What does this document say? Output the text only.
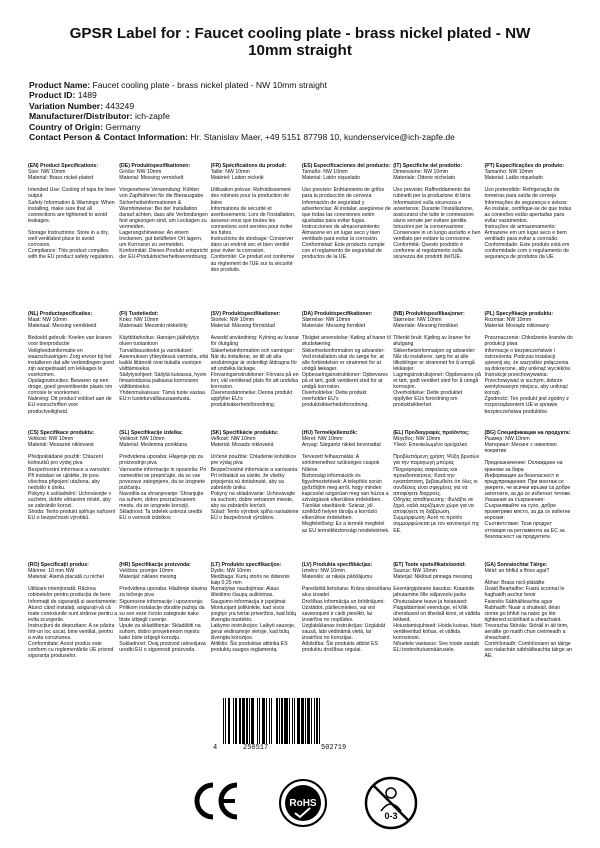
GPSR Label for : Faucet cooling plate - brass nickel plated - NW
10mm straight
Product Name: Faucet cooling plate - brass nickel plated - NW 10mm straight
Product ID: 1489
Variation Number: 443249
Manufacturer/Distributor: ich-zapfe
Country of Origin: Germany
Contact Person & Contact Information: Hr. Stanislav Maer, +49 5151 87798 10, kundenservice@ich-zapfe.de
(EN) Product Specifications:
Size: NW 10mm
Material: Brass nickel-plated

Intended Use: Cooling of taps for beer output
Safety Information & Warnings: When installing, make sure that all connections are tightened to avoid leakages.

Storage Instructions: Store in a dry, well ventilated place to avoid corrosion.
Compliance: This product complies with the EU product safety regulation.
(DE) Produktspezifikationen:
Größe: NW 10mm
Material: Messing vernickelt

Vorgesehene Verwendung: Kühlen von Zapfhähnen für die Bierausgabe
Sicherheitsinformationen & Warnhinweise: Bei der Installation darauf achten, dass alle Verbindungen fest angezogen sind, um Leckagen zu vermeiden.
Lagerungshinweise: An einem trockenen, gut belüfteten Ort lagern, um Korrosion zu vermeiden.
Konformität: Dieses Produkt entspricht der EU-Produktsicherheitsverordnung.
(FR) Spécifications du produit:
Taille: NW 10mm
Matériel: Laiton nickelé

Utilisation prévue: Refroidissement des robinets pour la production de bière
Informations de sécurité et avertissements: Lors de l'installation, assurez-vous que toutes les connexions sont serrées pour éviter les fuites.
Instructions de stockage: Conserver dans un endroit sec et bien ventilé pour éviter la corrosion.
Conformité: Ce produit est conforme au règlement de l'UE sur la sécurité des produits.
(ES) Especificaciones del producto:
Tamaño: NW 10mm
Material: Latón niquelado

Uso previsto: Enfriamiento de grifos para la producción de cerveza
Información de seguridad y advertencias: Al instalar, asegúrese de que todas las conexiones estén ajustadas para evitar fugas.
Instrucciones de almacenamiento: Almacene en un lugar seco y bien ventilado para evitar la corrosión.
Conformidad: Este producto cumple con el reglamento de seguridad de productos de la UE.
(IT) Specifiche del prodotto:
Dimensione: NW 10mm
Materiale: Ottone nichelato

Uso previsto: Raffreddamento dei rubinetti per la produzione di birra
Informazioni sulla sicurezza e avvertenze: Durante l'installazione, assicurarsi che tutte le connessioni siano serrate per evitare perdite.
Istruzioni per la conservazione: Conservare in un luogo asciutto e ben ventilato per evitare la corrosione.
Conformità: Questo prodotto è conforme al regolamento sulla sicurezza dei prodotti dell'UE.
(PT) Especificações do produto:
Tamanho: NW 10mm
Material: Latão niquelado

Uso pretendido: Refrigeração de torneiras para saída de cerveja
Informações de segurança e avisos: Ao instalar, certifique-se de que todas as conexões estão apertadas para evitar vazamentos.
Instruções de armazenamento: Armazene em um lugar seco e bem ventilado para evitar a corrosão.
Conformidade: Este produto está em conformidade com o regulamento de segurança de produtos da UE.
(NL) Productspecificaties:
Maat: NW 10mm
Materiaal: Messing vernikkeld

Bedoeld gebruik: Koelen van kranen voor bierproductie
Veiligheidsinformatie en waarschuwingen: Zorg ervoor bij het installeren dat alle verbindingen goed zijn aangedraaid om lekkages te voorkomen.
Opslaginstructies: Bewaren op een droge, goed geventileerde plaats om corrosie te voorkomen.
Naleving: Dit product voldoet aan de EU-voorschriften voor productveiligheid.
(FI) Tuotetiedot:
Koko: NW 10mm
Materiaali: Messinki nikkelöity

Käyttötarkoitus: Hanojen jäähdytys oluen tuotantoon
Turvallisuustiedot ja varoitukset: Asennuksen yhteydessä varmista, että kaikki liitännät ovat tiukalla vuotojen välttämiseksi.
Säilytysohjeet: Säilytä kuivassa, hyvin ilmastoidussa paikassa korroosion välttämiseksi.
Yhdenmukaisuus: Tämä tuote vastaa EU:n tuoteturvallisuusasetusta.
(SV) Produktspecifikationer:
Storlek: NW 10mm
Material: Mässing förnicklad

Avsedd användning: Kylning av kranar för ölutgång
Säkerhetsinformation och varningar: När du installerar, se till att alla anslutningar är ordentligt åtdragna för att undvika läckage.
Förvaringsinstruktioner: Förvara på en torr, väl ventilerad plats för att undvika korrosion.
Överensstämmelse: Denna produkt uppfyller EU:s produktsäkerhetsförordning.
(DA) Produktspecifikationer:
Størrelse: NW 10mm
Materiale: Messing forniklet

Tilsigtet anvendelse: Køling af haner til øludskæring
Sikkerhedsinformation og advarsler: Ved installation skal du sørge for, at alle forbindelser er strammet for at undgå lækager.
Opbevaringsinstruktioner: Opbevares på et tørt, godt ventileret sted for at undgå korrosion.
Overholdelse: Dette produkt overholder EU's produktsikkerhedsforordning.
(NB) Produktspesifikasjoner:
Størrelse: NW 10mm
Materiale: Messing fornikket

Tiltenkt bruk: Kjøling av kraner for ølutgang
Sikkerhetsinformasjon og advarsler: Når du installerer, sørg for at alle tilkoblinger er strammet for å unngå lekkasjer.
Lagringsinstruksjoner: Oppbevares på et tørt, godt ventilert sted for å unngå korrosjon.
Overholdelse: Dette produktet oppfyller EUs forordning om produktsikkerhet.
(PL) Specyfikacje produktu:
Rozmiar: NW 10mm
Materiał: Mosiądz niklowany

Przeznaczenie: Chłodzenie kranów do produkcji piwa
Informacje o bezpieczeństwie i ostrzeżenia: Podczas instalacji upewnij się, że wszystkie połączenia są dokręcone, aby uniknąć wycieków.
Instrukcje przechowywania: Przechowywać w suchym, dobrze wentylowanym miejscu, aby uniknąć korozji.
Zgodność: Ten produkt jest zgodny z rozporządzeniem UE w sprawie bezpieczeństwa produktów.
(CS) Specifikace produktu:
Velikost: NW 10mm
Materiál: Mosazné niklované

Předpokládané použití: Chlazení kohoutků pro výdej piva
Bezpečnostní informace a varování: Při instalaci se ujistěte, že jsou všechna připojení utažena, aby nedošlo k úniku.
Pokyny k uskladnění: Uchovávejte v suchém, dobře větraném místě, aby se zabránilo korozi.
Shoda: Tento produkt splňuje nařízení EU o bezpečnosti výrobků.
(SL) Specifikacije izdelka:
Velikost: NW 10mm
Material: Medenina poniklana

Predvidena uporaba: Hlajenje pip za proizvodnjo piva
Varnostne informacije in opozorila: Pri namestitvi se prepričajte, da so vse povezave zategnjene, da se izognete puščanju.
Navodila za shranjevanje: Shranjujte na suhem, dobro prezračevanem mestu, da se izognete koroziji.
Skladnost: Ta izdelek ustreza uredbi EU o varnosti izdelkov.
(SK) Špecifikácie produktu:
Veľkosť: NW 10mm
Materiál: Mosadz niklovaná

Určené použitie: Chladenie kohútikov pre výdaj piva
Bezpečnostné informácie a varovania: Pri inštalácii sa uistite, že všetky pripojenia sú dotiahnuté, aby sa zabránilo úniku.
Pokyny na skladovanie: Uchovávajte na suchom, dobre vetranom mieste, aby sa zabránilo korózii.
Súlad: Tento výrobok spĺňa nariadenie EÚ o bezpečnosti výrobkov.
(HU) Termékjellemzők:
Méret: NW 10mm
Anyag: Sárgaréz nikkel bevonattal

Tervezett felhasználás: A sörkimenethez szükséges csapok hűtése
Biztonsági információk és figyelmeztetések: A telepítés során győződjön meg arról, hogy minden kapcsolat szigorúan meg van húzva a szivárgások elkerülése érdekében.
Tárolási utasítások: Száraz, jól szellőző helyen tárolja a korrózió elkerülése érdekében.
Megfelelőség: Ez a termék megfelel az EU termékbiztonsági rendeletének.
(EL) Προδιαγραφές προϊόντος:
Μέγεθος: NW 10mm
Υλικό: Επινικελωμένο ορείχαλκο

Προβλεπόμενη χρήση: Ψύξη βρυσών για την παραγωγή μπύρας
Πληροφορίες ασφαλείας και προειδοποιήσεις: Κατά την εγκατάσταση, βεβαιωθείτε ότι όλες οι συνδέσεις είναι σφιγμένες για να αποφύγετε διαρροές.
Οδηγίες αποθήκευσης: Φυλάξτε σε ξηρό, καλά αεριζόμενο χώρο για να αποφύγετε τη διάβρωση.
Συμμόρφωση: Αυτό το προϊόν συμμορφώνεται με τον κανονισμό της ΕΕ.
(BG) Спецификации на продукта:
Размер: NW 10mm
Материал: Месинг с никелово покритие

Предназначение: Охлаждане на кранове за бира
Информация за безопасност и предупреждения: При монтаж се уверете, че всички връзки са добре затегнати, за да се избегнат течове.
Указания за съхранение: Съхранявайте на сухо, добре проветриво място, за да се избегне корозия.
Съответствие: Този продукт отговаря на регламента на ЕС за безопасност на продуктите.
(RO) Specificații produs:
Mărime: 10 mm NW
Material: Alamă placată cu nichel

Utilizare intenționată: Răcirea robinetelor pentru producția de bere
Informații de siguranță și avertismente: Atunci când instalați, asigurați-vă că toate conexiunile sunt strânse pentru a evita scurgerile.
Instrucțiuni de depozitare: A se păstra într-un loc uscat, bine ventilat, pentru a evita coroziunea.
Conformitate: Acest produs este conform cu reglementările UE privind siguranța produselor.
(HR) Specifikacije proizvoda:
Veličina: promjer 10mm
Materijal: niklano mesing

Predviđena uporaba: Hlađenje slavina za točenje piva
Sigurnosne informacije i upozorenja: Prilikom instalacije obratite pažnju da su sve veze čvrsto zategnute kako biste izbjegli curenje.
Upute za skladištenje: Skladištiti na suhom, dobro provjetrenom mjestu kako biste izbjegli koroziju.
Sukladnost: Ovaj proizvod udovoljava uredbi EU o sigurnosti proizvoda.
(LT) Produkto specifikacijos:
Dydis: NW 10mm
Medžiaga: Kurių storis ne didesnis kaip 0,25 mm
Numatytas naudojimas: Alaus išleidimo čiaupų aušinimas.
Saugumo informacija ir įspėjimai: Montuojant įsitikinkite, kad visos jungtys yra tvirtai priveržtos, kad būtų išvengta nuotėkio.
Laikymo instrukcijos: Laikyti sausoje, gerai vėdinamoje vietoje, kad būtų išvengta korozijos.
Atitiktis: Šis produktas atitinka ES produktų saugos reglamentą.
(LV) Produkta specifikācijas:
Izmērs: NW 10mm
Materiāls: ar niķeļa pārklājumu

Paredzētā lietošana: Krānu dzesēšana alus izvadei
Drošības informācija un brīdinājumi: Uzstādot, pārliecinieties, vai visi savienojumi ir cieši pievilkti, lai izvairītos no noplūdes.
Uzglabāšanas instrukcijas: Uzglabāt sausā, labi vēdināmā vietā, lai izvairītos no korozijas.
Atbilstība: Šis produkts atbilst ES produktu drošības regulai.
(ET) Toote spetsifikatsioonid:
Suurus: NW 10mm
Materjal: Niklitud pinnaga messing

Eesmärgipärane kasutus: Kraanide jahutamine õlle väljavoolu jaoks
Ohutusalane teave ja hoiatused: Paigaldamisel veenduge, et kõik ühendused on tihedalt kinni, et vältida lekkeid.
Hoiustamisjuhised: Hoida kuivas, hästi ventileeritud kohas, et vältida korrosiooni.
Nõuetele vastavus: See toode vastab ELi tooteohutusmäärusele.
(GA) Sonraíochtaí Táirge:
Méid: an bhfiul a fhios agat?

Ábhar: Brass nicil-plátáilte
Úsáid Beartaithe: Fuarú sconnaí le haghaidh aschur beoir
Faisnéis Sábháilteachta agus Rabhadh: Nuair a shuiteáil, déan cinnte go bhfuil na naisc go léir tightened sciúrthaid a sheachaint.
Treoracha Stórála: Stóráil in áit tirim, aeráilte go maith chun creimeadh a sheachaint.
Comhlíonadh: Comhlíonann an táirge seo rialachán sábháilteachta táirge an AE.
4	250517	502719
RoHS
0-3
